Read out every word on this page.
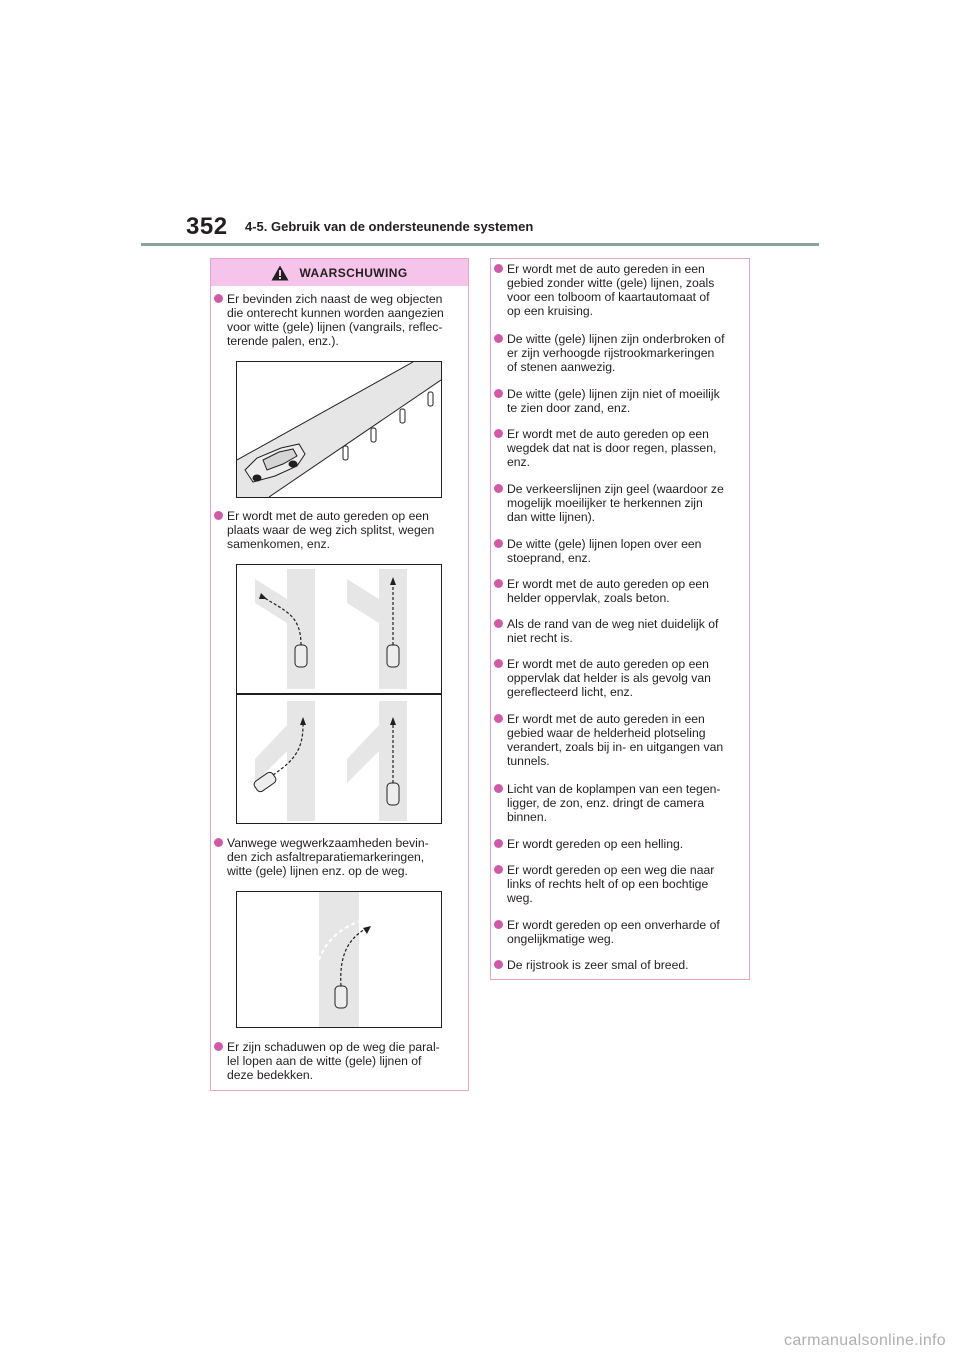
352 4-5. Gebruik van de ondersteunende systemen
WAARSCHUWING
Er bevinden zich naast de weg objecten
die onterecht kunnen worden aangezien
voor witte (gele) lijnen (vangrails, reflec-
terende palen, enz.).
Er wordt met de auto gereden op een
plaats waar de weg zich splitst, wegen
samenkomen, enz.
Vanwege wegwerkzaamheden bevin-
den zich asfaltreparatiemarkeringen,
witte (gele) lijnen enz. op de weg.
Er zijn schaduwen op de weg die paral-
lel lopen aan de witte (gele) lijnen of
deze bedekken.
Er wordt met de auto gereden in een
gebied zonder witte (gele) lijnen, zoals
voor een tolboom of kaartautomaat of
op een kruising.
De witte (gele) lijnen zijn onderbroken of
er zijn verhoogde rijstrookmarkeringen
of stenen aanwezig.
De witte (gele) lijnen zijn niet of moeilijk
te zien door zand, enz.
Er wordt met de auto gereden op een
wegdek dat nat is door regen, plassen,
enz.
De verkeerslijnen zijn geel (waardoor ze
mogelijk moeilijker te herkennen zijn
dan witte lijnen).
De witte (gele) lijnen lopen over een
stoeprand, enz.
Er wordt met de auto gereden op een
helder oppervlak, zoals beton.
Als de rand van de weg niet duidelijk of
niet recht is.
Er wordt met de auto gereden op een
oppervlak dat helder is als gevolg van
gereflecteerd licht, enz.
Er wordt met de auto gereden in een
gebied waar de helderheid plotseling
verandert, zoals bij in- en uitgangen van
tunnels.
Licht van de koplampen van een tegen-
ligger, de zon, enz. dringt de camera
binnen.
Er wordt gereden op een helling.
Er wordt gereden op een weg die naar
links of rechts helt of op een bochtige
weg.
Er wordt gereden op een onverharde of
ongelijkmatige weg.
De rijstrook is zeer smal of breed.
carmanualsonline.info
